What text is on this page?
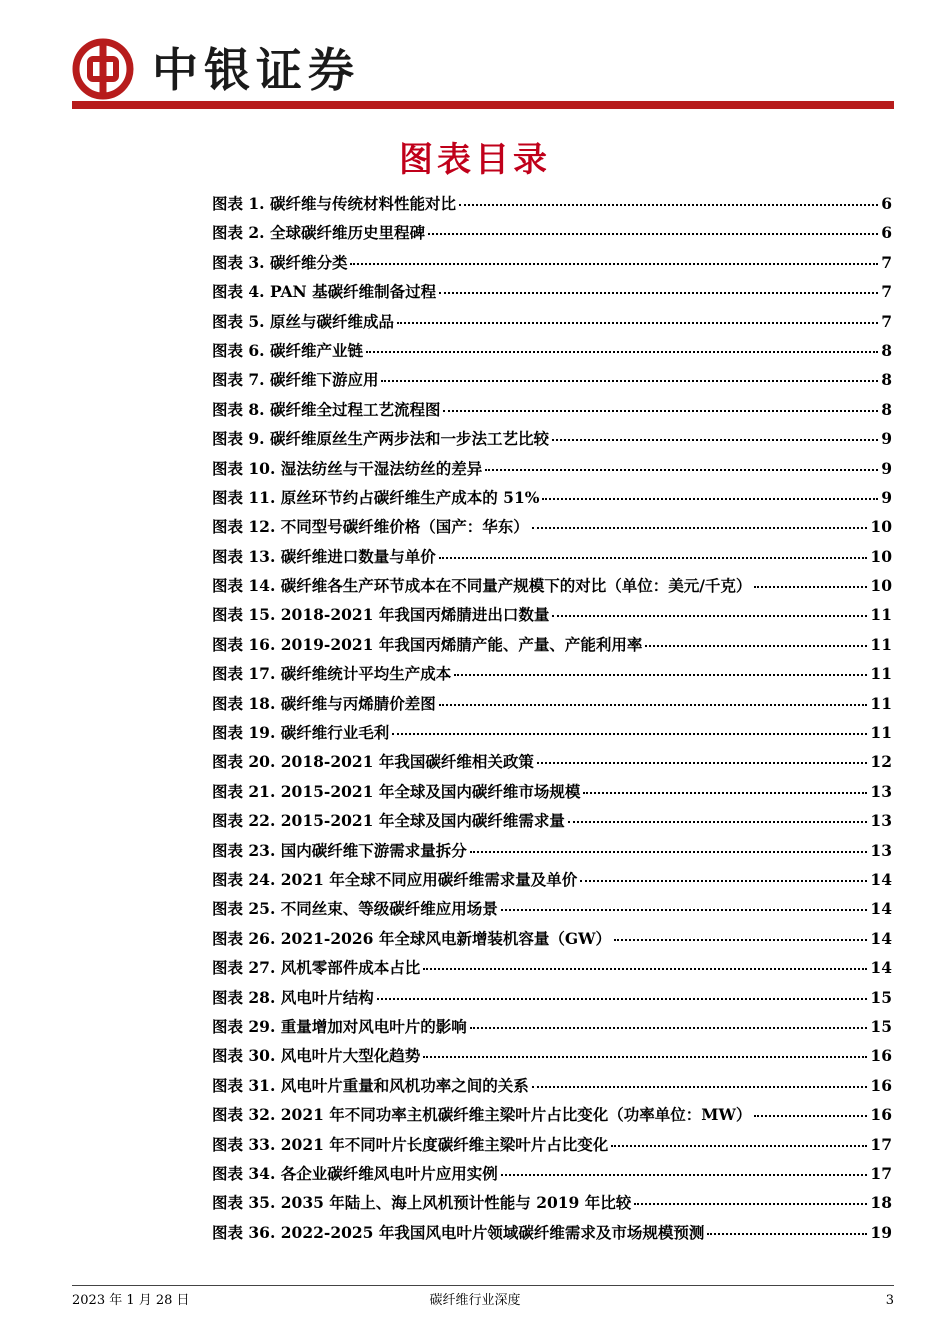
中银证券
图表目录
图表 1. 碳纤维与传统材料性能对比	6
图表 2. 全球碳纤维历史里程碑	6
图表 3. 碳纤维分类	7
图表 4. PAN 基碳纤维制备过程	7
图表 5. 原丝与碳纤维成品	7
图表 6. 碳纤维产业链	8
图表 7. 碳纤维下游应用	8
图表 8. 碳纤维全过程工艺流程图	8
图表 9. 碳纤维原丝生产两步法和一步法工艺比较	9
图表 10. 湿法纺丝与干湿法纺丝的差异	9
图表 11. 原丝环节约占碳纤维生产成本的 51%	9
图表 12. 不同型号碳纤维价格（国产：华东）	10
图表 13. 碳纤维进口数量与单价	10
图表 14. 碳纤维各生产环节成本在不同量产规模下的对比（单位：美元/千克）	10
图表 15. 2018-2021 年我国丙烯腈进出口数量	11
图表 16. 2019-2021 年我国丙烯腈产能、产量、产能利用率	11
图表 17. 碳纤维统计平均生产成本	11
图表 18. 碳纤维与丙烯腈价差图	11
图表 19. 碳纤维行业毛利	11
图表 20. 2018-2021 年我国碳纤维相关政策	12
图表 21. 2015-2021 年全球及国内碳纤维市场规模	13
图表 22. 2015-2021 年全球及国内碳纤维需求量	13
图表 23. 国内碳纤维下游需求量拆分	13
图表 24. 2021 年全球不同应用碳纤维需求量及单价	14
图表 25. 不同丝束、等级碳纤维应用场景	14
图表 26. 2021-2026 年全球风电新增装机容量（GW）	14
图表 27. 风机零部件成本占比	14
图表 28. 风电叶片结构	15
图表 29. 重量增加对风电叶片的影响	15
图表 30. 风电叶片大型化趋势	16
图表 31. 风电叶片重量和风机功率之间的关系	16
图表 32. 2021 年不同功率主机碳纤维主梁叶片占比变化（功率单位：MW）	16
图表 33. 2021 年不同叶片长度碳纤维主梁叶片占比变化	17
图表 34. 各企业碳纤维风电叶片应用实例	17
图表 35. 2035 年陆上、海上风机预计性能与 2019 年比较	18
图表 36. 2022-2025 年我国风电叶片领域碳纤维需求及市场规模预测	19
2023 年 1 月 28 日	碳纤维行业深度	3
